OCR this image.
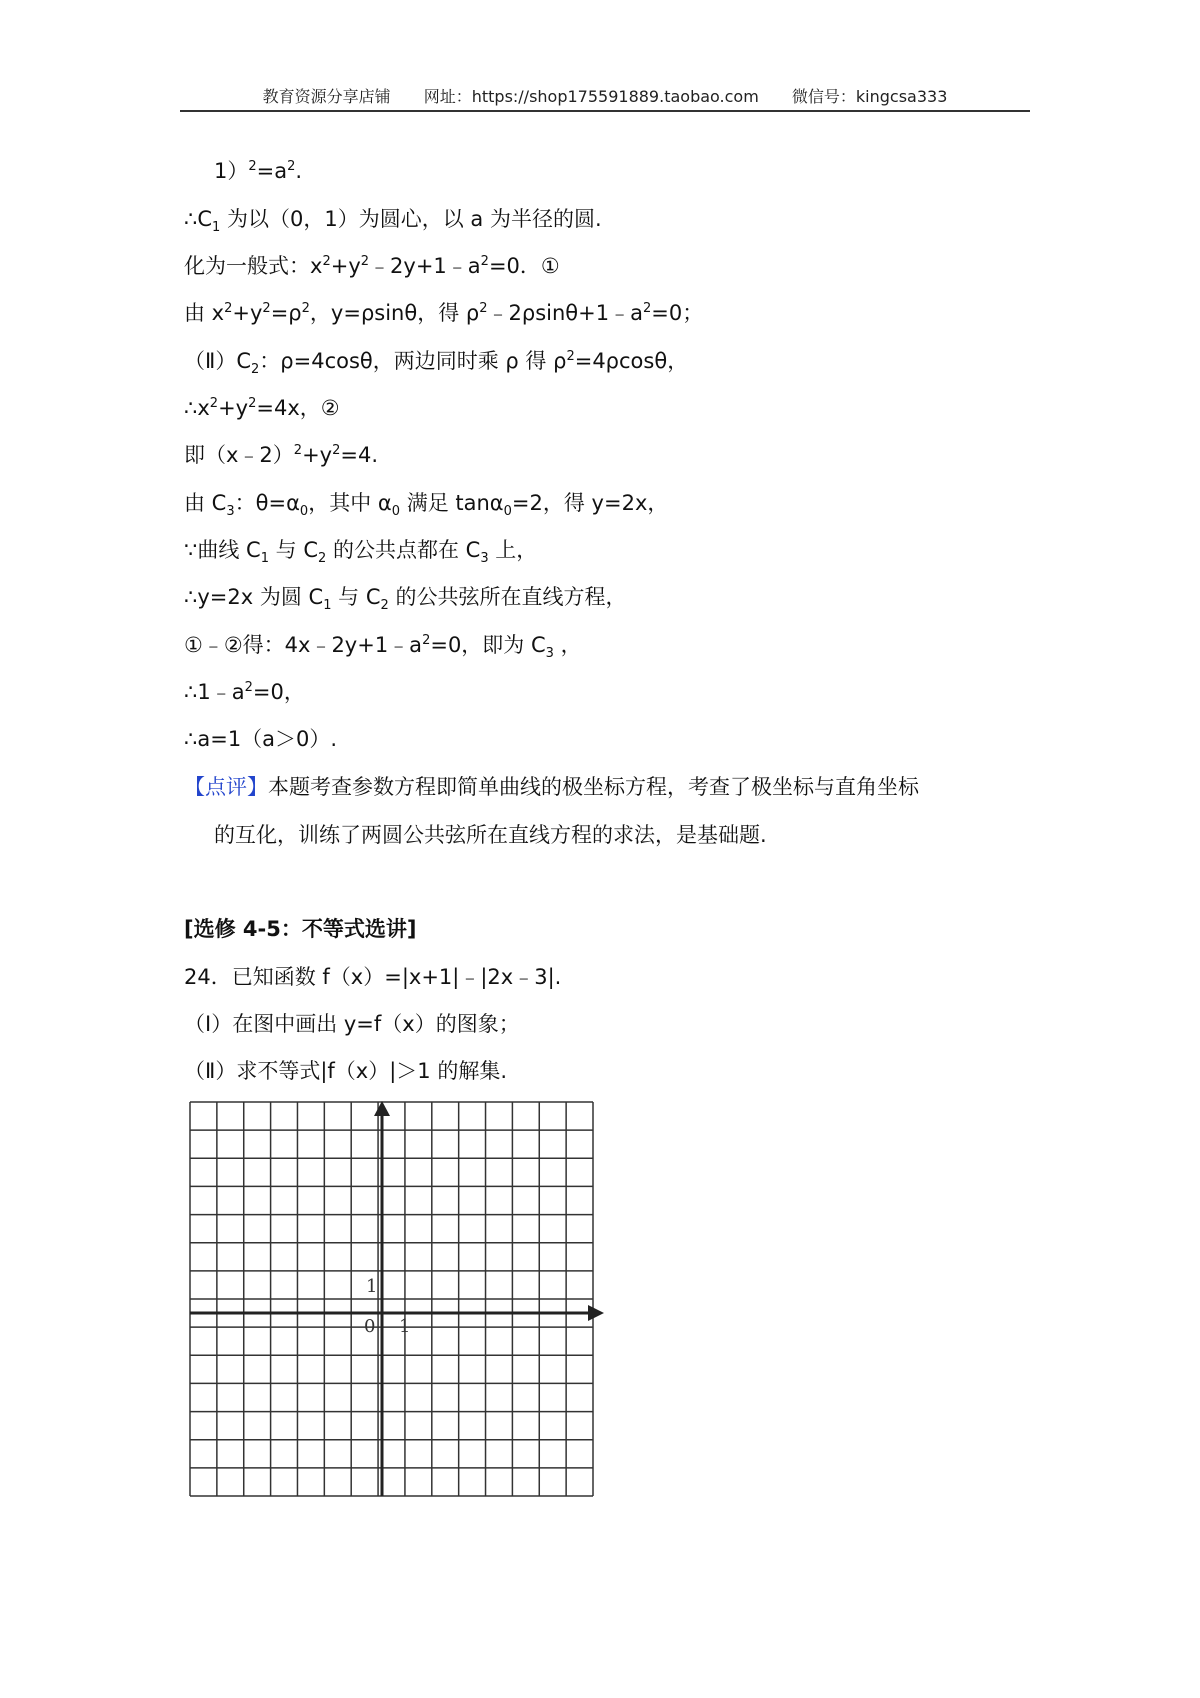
教育资源分享店铺 网址：https://shop175591889.taobao.com 微信号：kingcsa333
$1)^2=a^2$.
$\therefore C_1$ 为以（0，1）为圆心，以 a 为半径的圆.
化为一般式：$x^2+y^2﹣2y+1﹣a^2=0$．①
由 $x^2+y^2=\rho^2$，y=ρsinθ，得 $\rho^2﹣2\rho\sin\theta+1﹣a^2=0$；
$(Ⅱ)C_2$：ρ=4cosθ，两边同时乘 ρ 得 $\rho^2=4\rho\cos\theta$，
$\therefore x^2+y^2=4x$，②
即$(x﹣2)^2+y^2=4$.
由 $C_3$：$\theta=\alpha_0$，其中 $\alpha_0$ 满足 tanα$_0$=2，得 y=2x，
∵曲线 $C_1$ 与 $C_2$ 的公共点都在 $C_3$ 上，
∴y=2x 为圆 $C_1$ 与 $C_2$ 的公共弦所在直线方程，
①﹣②得：$4x﹣2y+1﹣a^2=0$，即为 $C_3$ ，
$\therefore 1﹣a^2=0$，
∴a=1（a＞0）.
【点评】本题考查参数方程即简单曲线的极坐标方程，考查了极坐标与直角坐标
的互化，训练了两圆公共弦所在直线方程的求法，是基础题.
[选修 4-5：不等式选讲]
24．已知函数 f（x）=|x+1|﹣|2x﹣3|.
（Ⅰ）在图中画出 y=f（x）的图象；
（Ⅱ）求不等式|f（x）|＞1 的解集.
1
0 1
